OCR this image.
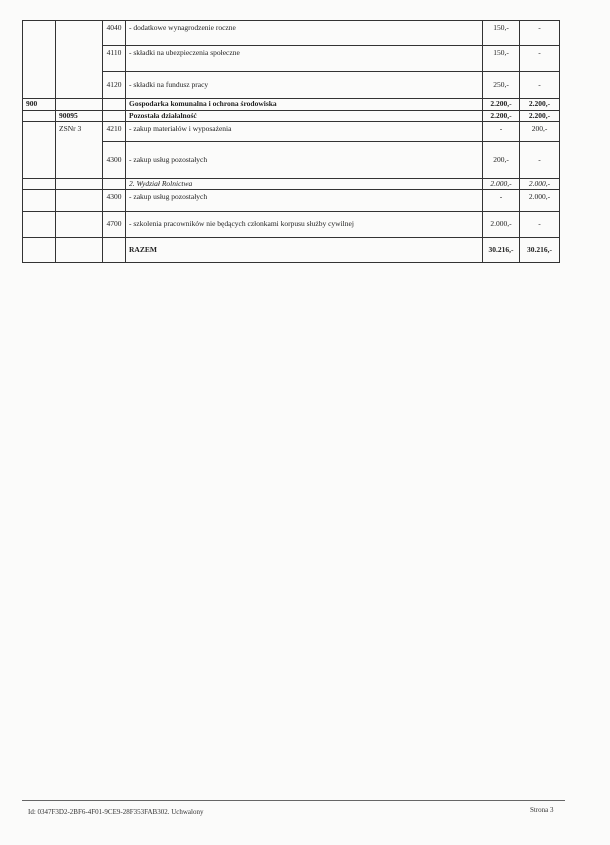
		4040	- dodatkowe wynagrodzenie roczne	150,-	-
		4110	- składki na ubezpieczenia społeczne	150,-	-
		4120	- składki na fundusz pracy	250,-	-
900			Gospodarka komunalna i ochrona środowiska	2.200,-	2.200,-
	90095		Pozostała działalność	2.200,-	2.200,-
	ZSNr 3	4210	- zakup materiałów i wyposażenia	-	200,-
		4300	- zakup usług pozostałych	200,-	-
			2. Wydział Rolnictwa	2.000,-	2.000,-
		4300	- zakup usług pozostałych	-	2.000,-
		4700	- szkolenia pracowników nie będących członkami korpusu służby cywilnej	2.000,-	-
			RAZEM	30.216,-	30.216,-
Id: 0347F3D2-2BF6-4F01-9CE9-28F353FAB302. Uchwalony	Strona 3
